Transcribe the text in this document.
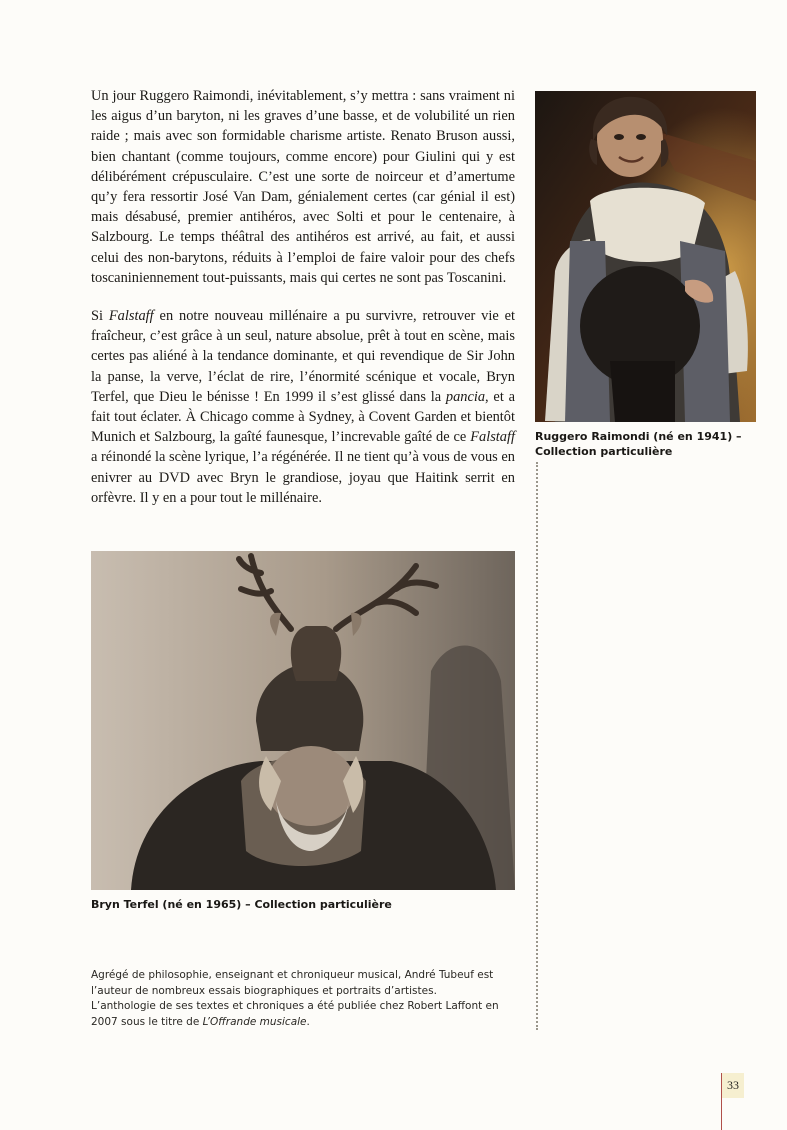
Un jour Ruggero Raimondi, inévitablement, s’y mettra : sans vraiment ni les aigus d’un baryton, ni les graves d’une basse, et de volubilité un rien raide ; mais avec son formidable charisme artiste. Renato Bruson aussi, bien chantant (comme toujours, comme encore) pour Giulini qui y est délibérément crépusculaire. C’est une sorte de noirceur et d’amertume qu’y fera ressortir José Van Dam, génialement certes (car génial il est) mais désabusé, premier antihéros, avec Solti et pour le centenaire, à Salzbourg. Le temps théâtral des antihéros est arrivé, au fait, et aussi celui des non-barytons, réduits à l’emploi de faire valoir pour des chefs toscaniniennement tout-puissants, mais qui certes ne sont pas Toscanini.

Si Falstaff en notre nouveau millénaire a pu survivre, retrouver vie et fraîcheur, c’est grâce à un seul, nature absolue, prêt à tout en scène, mais certes pas aliéné à la tendance dominante, et qui revendique de Sir John la panse, la verve, l’éclat de rire, l’énormité scénique et vocale, Bryn Terfel, que Dieu le bénisse ! En 1999 il s’est glissé dans la pancia, et a fait tout éclater. À Chicago comme à Sydney, à Covent Garden et bientôt Munich et Salzbourg, la gaîté faunesque, l’increvable gaîté de ce Falstaff a réinondé la scène lyrique, l’a régénérée. Il ne tient qu’à vous de vous en enivrer au DVD avec Bryn le grandiose, joyau que Haitink serrit en orfèvre. Il y en a pour tout le millénaire.

Ruggero Raimondi (né en 1941) – Collection particulière
Bryn Terfel (né en 1965) – Collection particulière

Agrégé de philosophie, enseignant et chroniqueur musical, André Tubeuf est l’auteur de nombreux essais biographiques et portraits d’artistes.

L’anthologie de ses textes et chroniques a été publiée chez Robert Laffont en 2007 sous le titre de L’Offrande musicale.

33
